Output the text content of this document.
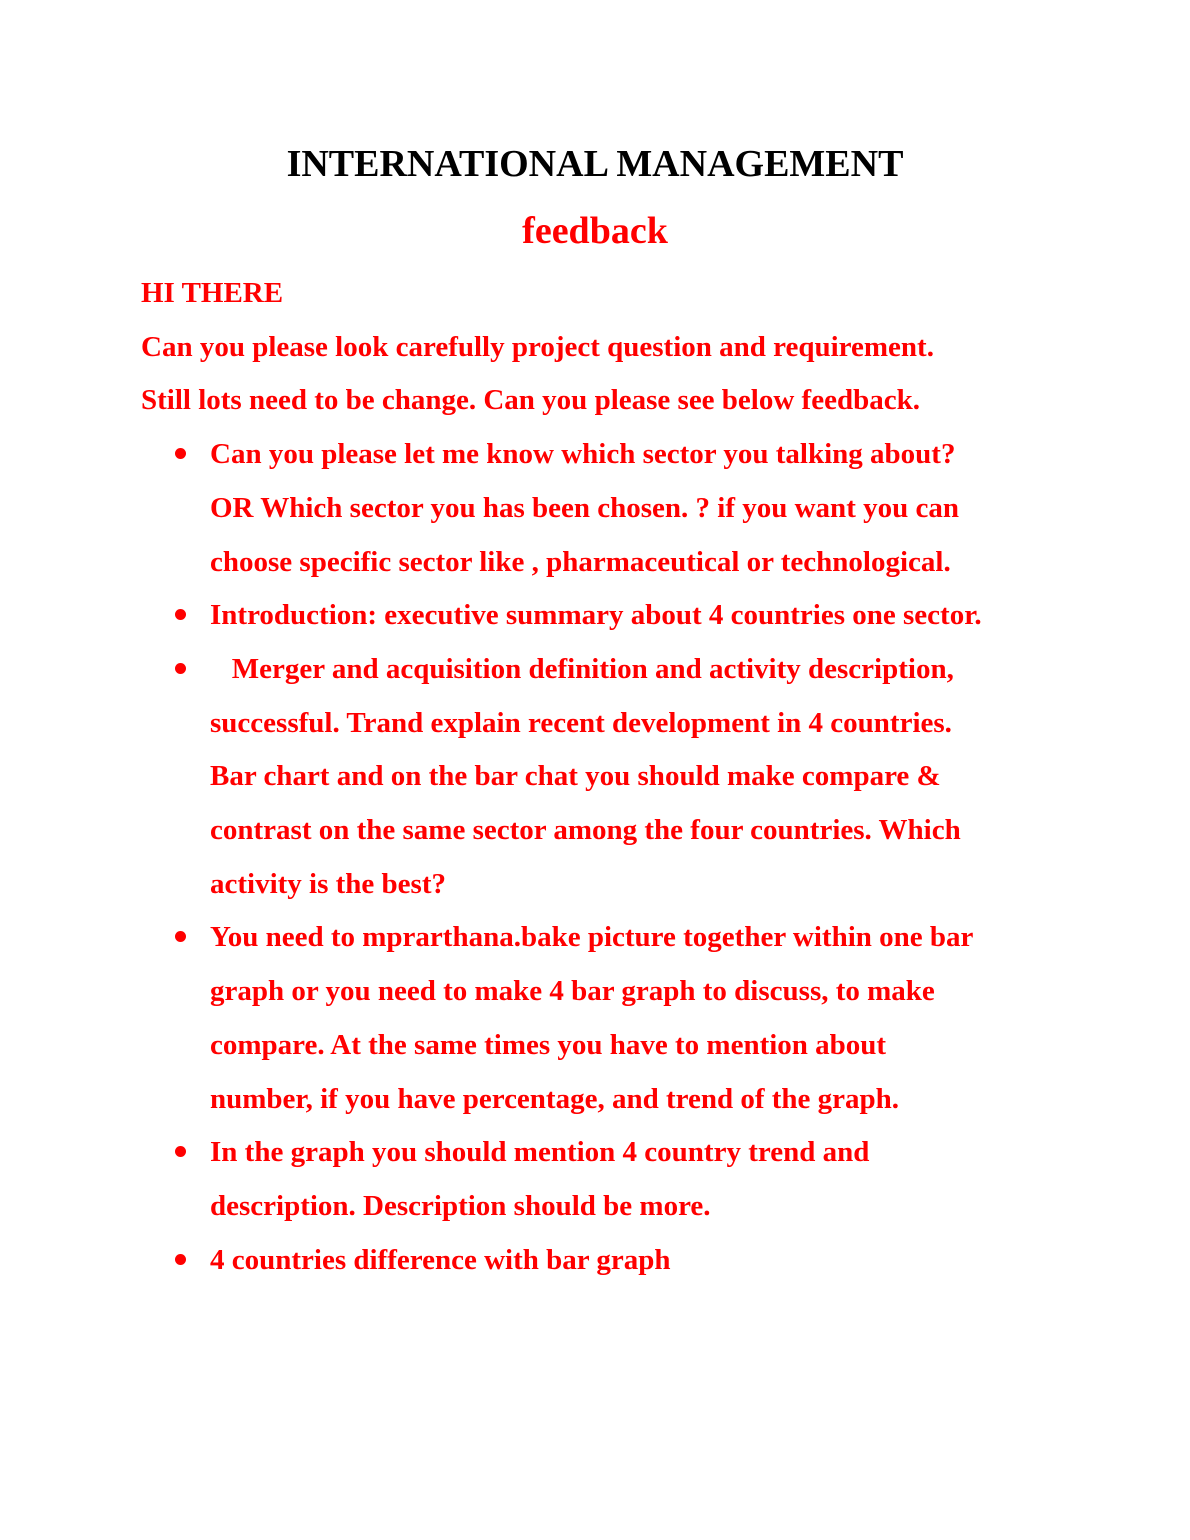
INTERNATIONAL MANAGEMENT
feedback

HI THERE

Can you please look carefully project question and requirement.

Still lots need to be change. Can you please see below feedback.

Can you please let me know which sector you talking about?
OR Which sector you has been chosen. ? if you want you can
choose specific sector like , pharmaceutical or technological.
Introduction: executive summary about 4 countries one sector.
Merger and acquisition definition and activity description,
successful. Trand explain recent development in 4 countries.
Bar chart and on the bar chat you should make compare &
contrast on the same sector among the four countries. Which
activity is the best?
You need to mprarthana.bake picture together within one bar
graph or you need to make 4 bar graph to discuss, to make
compare. At the same times you have to mention about
number, if you have percentage, and trend of the graph.
In the graph you should mention 4 country trend and
description. Description should be more.
4 countries difference with bar graph
